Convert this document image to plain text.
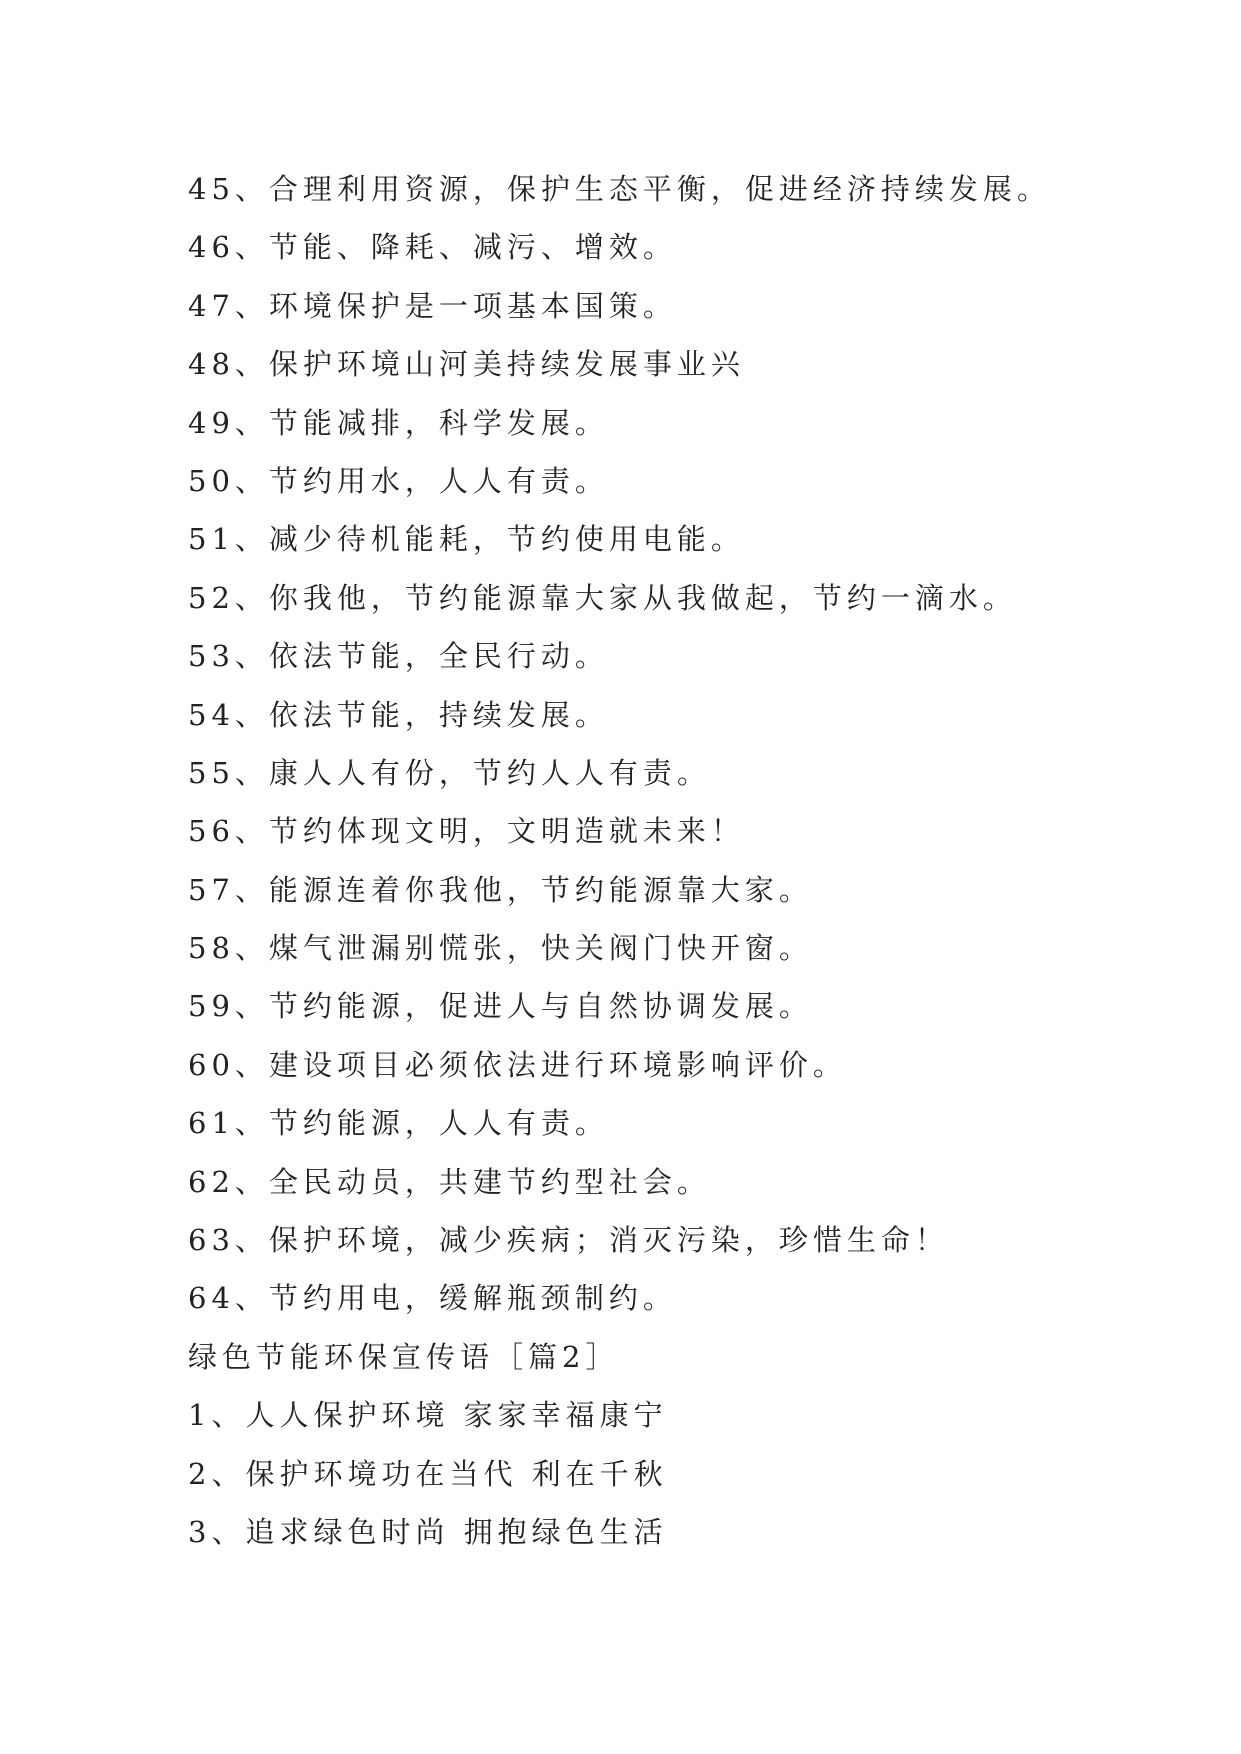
45、合理利用资源，保护生态平衡，促进经济持续发展。
46、节能、降耗、减污、增效。
47、环境保护是一项基本国策。
48、保护环境山河美持续发展事业兴
49、节能减排，科学发展。
50、节约用水，人人有责。
51、减少待机能耗，节约使用电能。
52、你我他，节约能源靠大家从我做起，节约一滴水。
53、依法节能，全民行动。
54、依法节能，持续发展。
55、康人人有份，节约人人有责。
56、节约体现文明，文明造就未来！
57、能源连着你我他，节约能源靠大家。
58、煤气泄漏别慌张，快关阀门快开窗。
59、节约能源，促进人与自然协调发展。
60、建设项目必须依法进行环境影响评价。
61、节约能源，人人有责。
62、全民动员，共建节约型社会。
63、保护环境，减少疾病；消灭污染，珍惜生命！
64、节约用电，缓解瓶颈制约。
绿色节能环保宣传语［篇2］
1、人人保护环境 家家幸福康宁
2、保护环境功在当代 利在千秋
3、追求绿色时尚 拥抱绿色生活
